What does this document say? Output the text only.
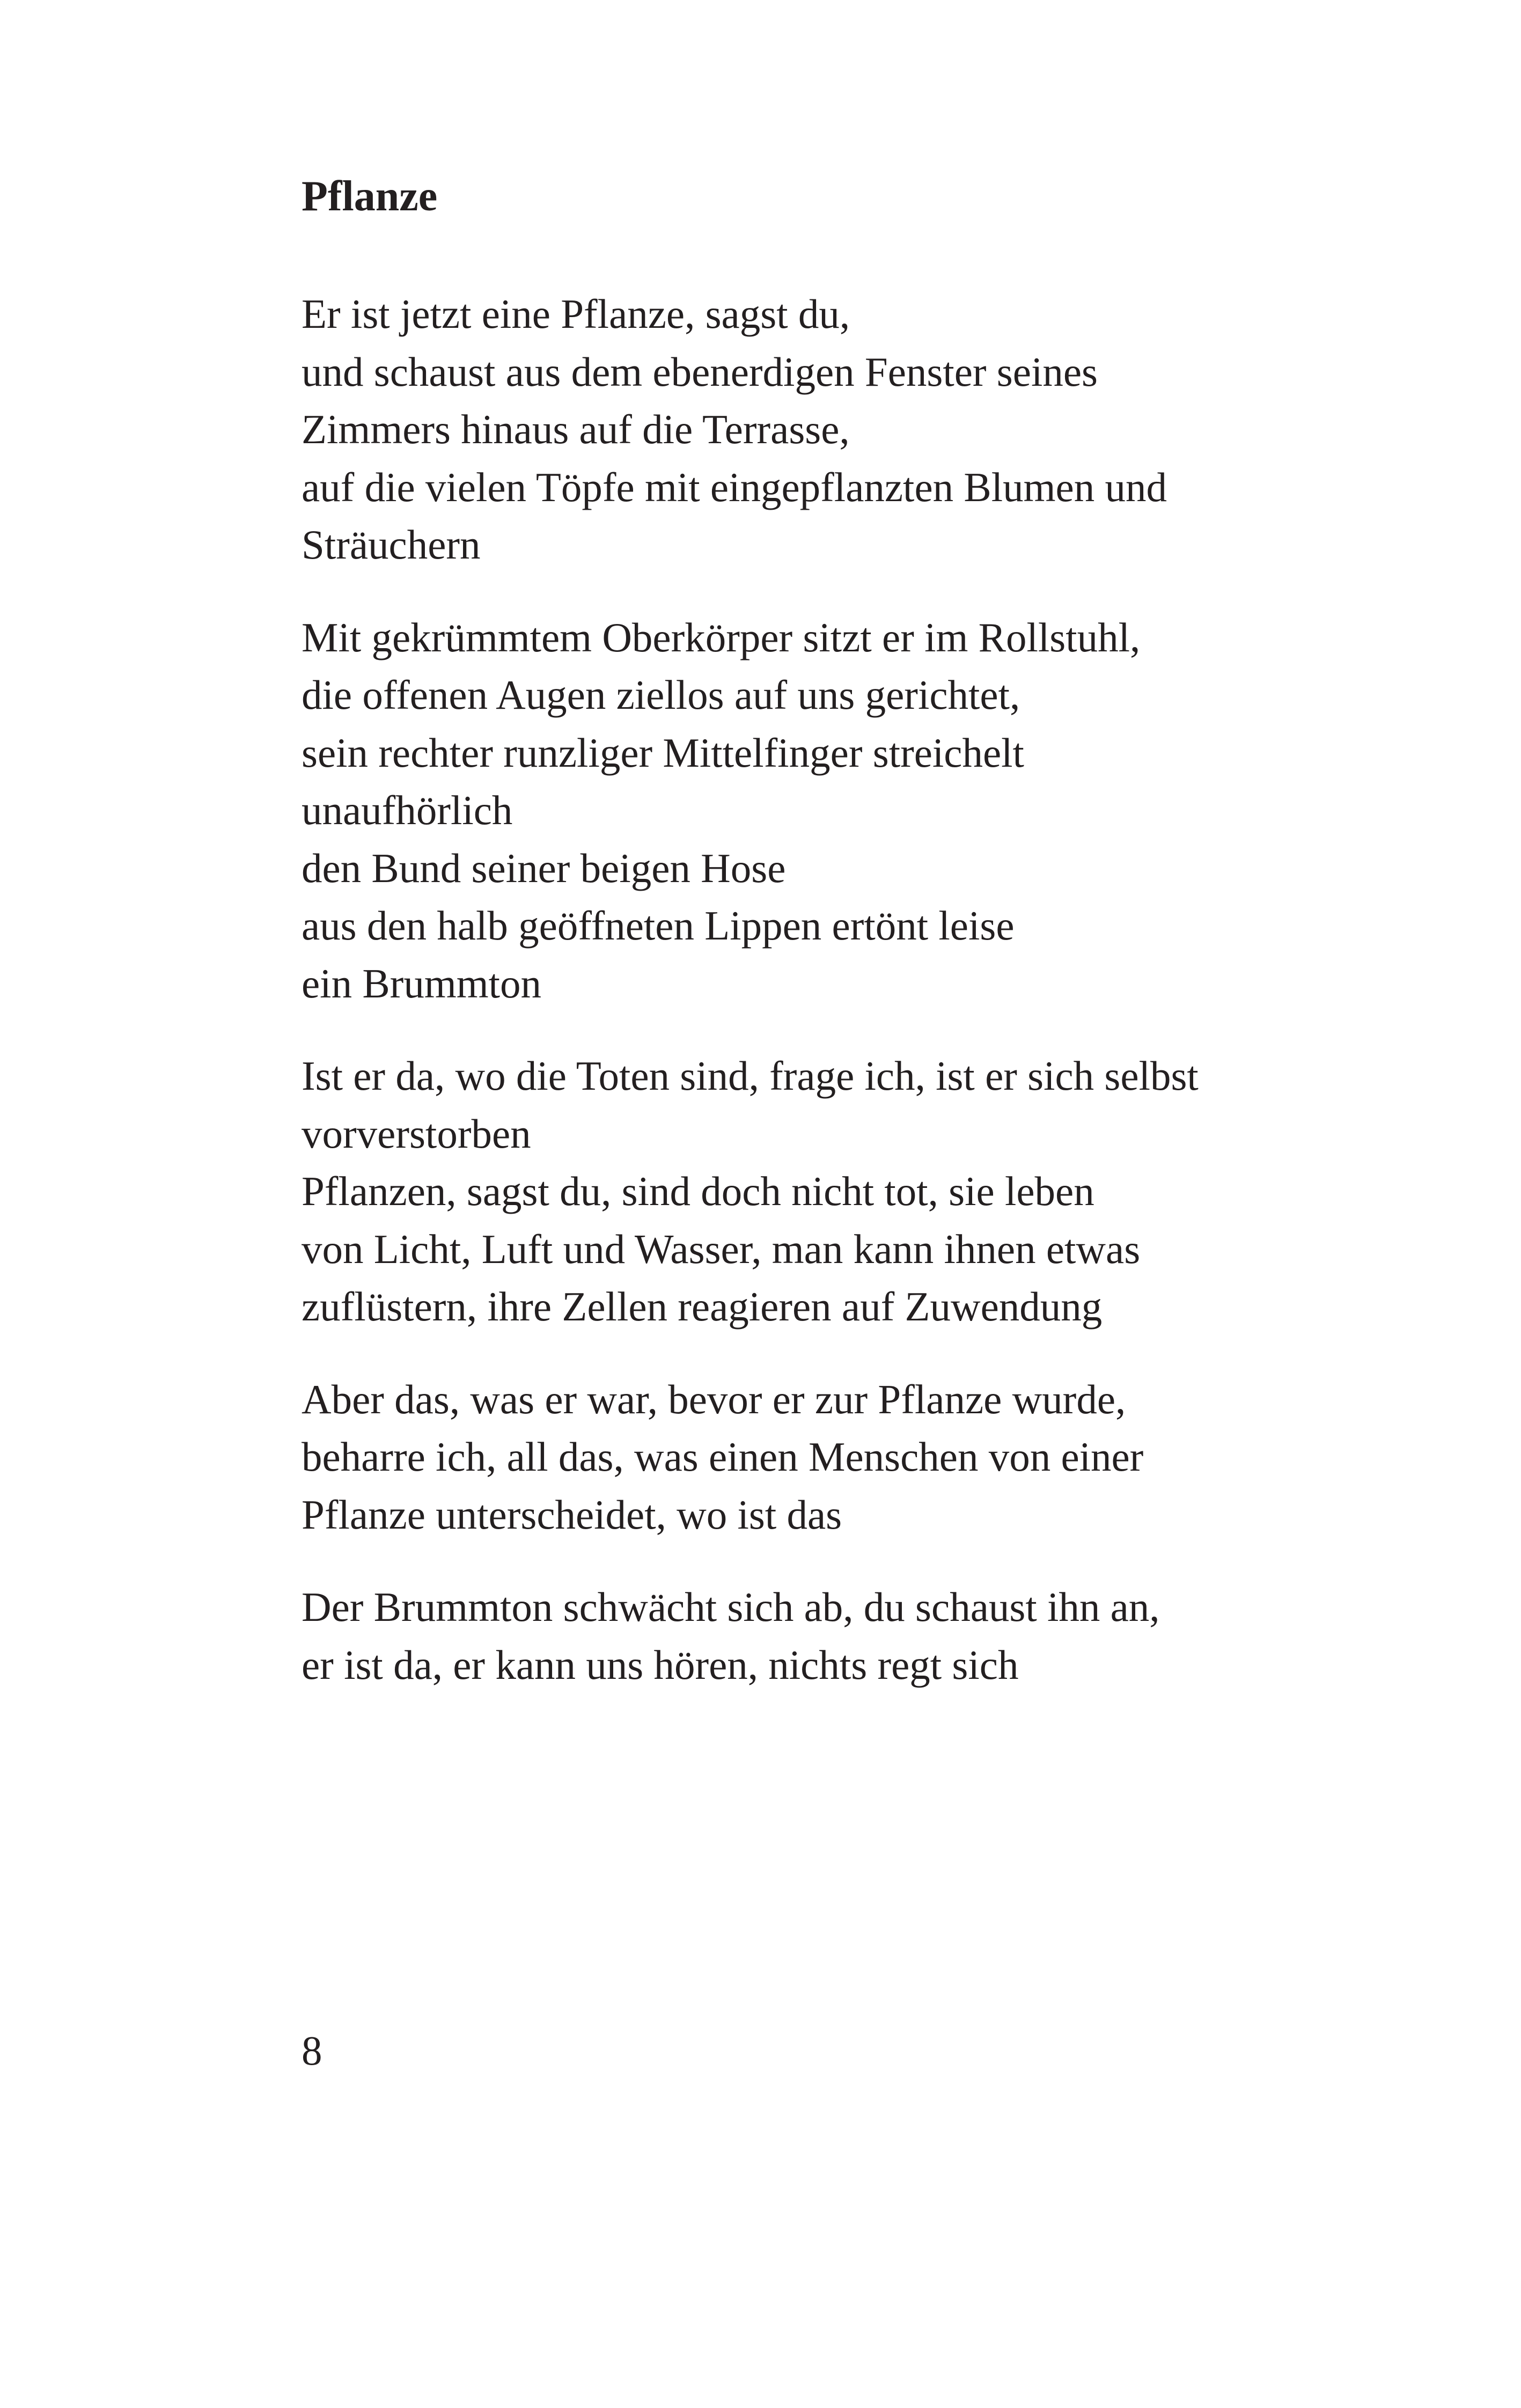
Pflanze
Er ist jetzt eine Pflanze, sagst du,
und schaust aus dem ebenerdigen Fenster seines
Zimmers hinaus auf die Terrasse,
auf die vielen Töpfe mit eingepflanzten Blumen und
Sträuchern
Mit gekrümmtem Oberkörper sitzt er im Rollstuhl,
die offenen Augen ziellos auf uns gerichtet,
sein rechter runzliger Mittelfinger streichelt
unaufhörlich
den Bund seiner beigen Hose
aus den halb geöffneten Lippen ertönt leise
ein Brummton
Ist er da, wo die Toten sind, frage ich, ist er sich selbst
vorverstorben
Pflanzen, sagst du, sind doch nicht tot, sie leben
von Licht, Luft und Wasser, man kann ihnen etwas
zuflüstern, ihre Zellen reagieren auf Zuwendung
Aber das, was er war, bevor er zur Pflanze wurde,
beharre ich, all das, was einen Menschen von einer
Pflanze unterscheidet, wo ist das
Der Brummton schwächt sich ab, du schaust ihn an,
er ist da, er kann uns hören, nichts regt sich
8
